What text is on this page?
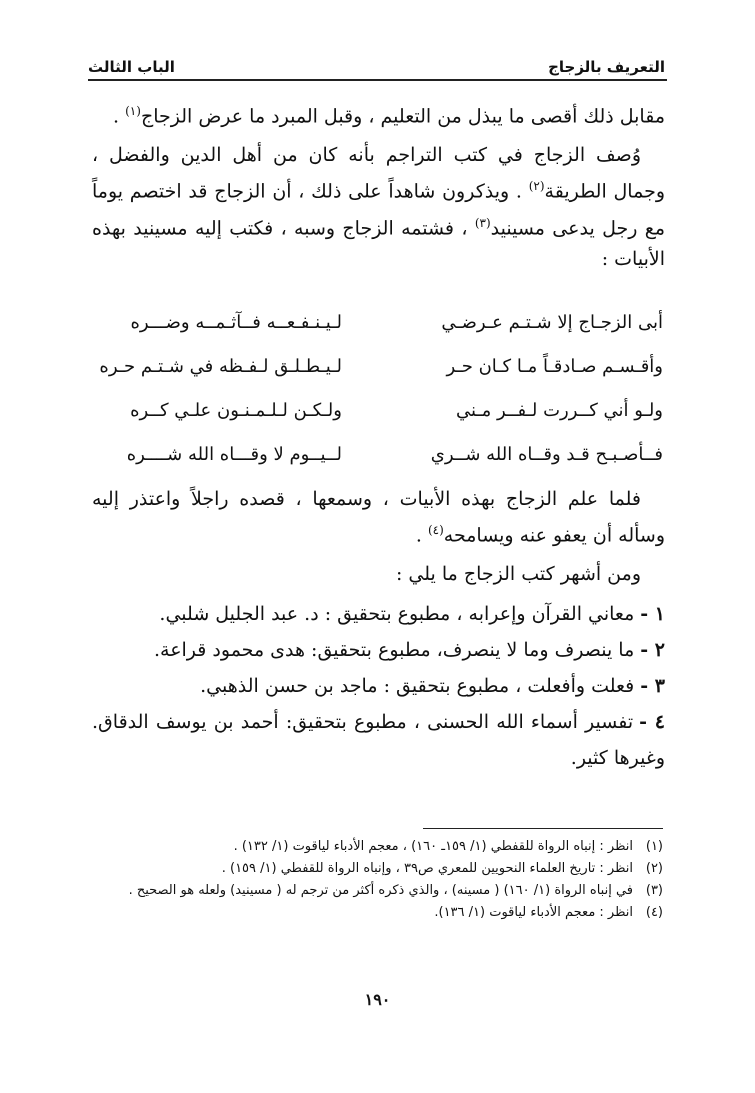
التعريف بالزجاج
الباب الثالث

مقابل ذلك أقصى ما يبذل من التعليم ، وقبل المبرد ما عرض الزجاج$^{(١)}$ .

وُصف الزجاج في كتب التراجم بأنه كان من أهل الدين والفضل ، وجمال الطريقة$^{(٢)}$ . ويذكرون شاهداً على ذلك ، أن الزجاج قد اختصم يوماً مع رجل يدعى مسينيد$^{(٣)}$ ، فشتمه الزجاج وسبه ، فكتب إليه مسينيد بهذه الأبيات :

أبى الزجـاج إلا شـتـم عـرضـي
لـيـنـفـعــه فــآثـمــه وضـــره
وأقـسـم صـادقـاً مـا كـان حـر
لـيـطـلـق لـفـظه في شـتـم حـره
ولـو أني كــررت لـفــر مـني
ولـكـن لـلـمـنـون علـي كــره
فــأصـبـح قـد وقــاه الله شــري
لــيــوم لا وقـــاه الله شــــره

فلما علم الزجاج بهذه الأبيات ، وسمعها ، قصده راجلاً واعتذر إليه وسأله أن يعفو عنه ويسامحه$^{(٤)}$ .

ومن أشهر كتب الزجاج ما يلي :

١ -معاني القرآن وإعرابه ، مطبوع بتحقيق : د. عبد الجليل شلبي.

٢ -ما ينصرف وما لا ينصرف، مطبوع بتحقيق: هدى محمود قراعة.

٣ -فعلت وأفعلت ، مطبوع بتحقيق : ماجد بن حسن الذهبي.

٤ -تفسير أسماء الله الحسنى ، مطبوع بتحقيق: أحمد بن يوسف الدقاق. وغيرها كثير.

(١)انظر : إنباه الرواة للقفطي (١/ ١٥٩ـ ١٦٠) ، معجم الأدباء لياقوت (١/ ١٣٢) .

(٢)انظر : تاريخ العلماء النحويين للمعري ص٣٩ ، وإنباه الرواة للقفطي (١/ ١٥٩) .

(٣)في إنباه الرواة (١/ ١٦٠) ( مسينه) ، والذي ذكره أكثر من ترجم له ( مسينيد) ولعله هو الصحيح .

(٤)انظر : معجم الأدباء لياقوت (١/ ١٣٦).

١٩٠
